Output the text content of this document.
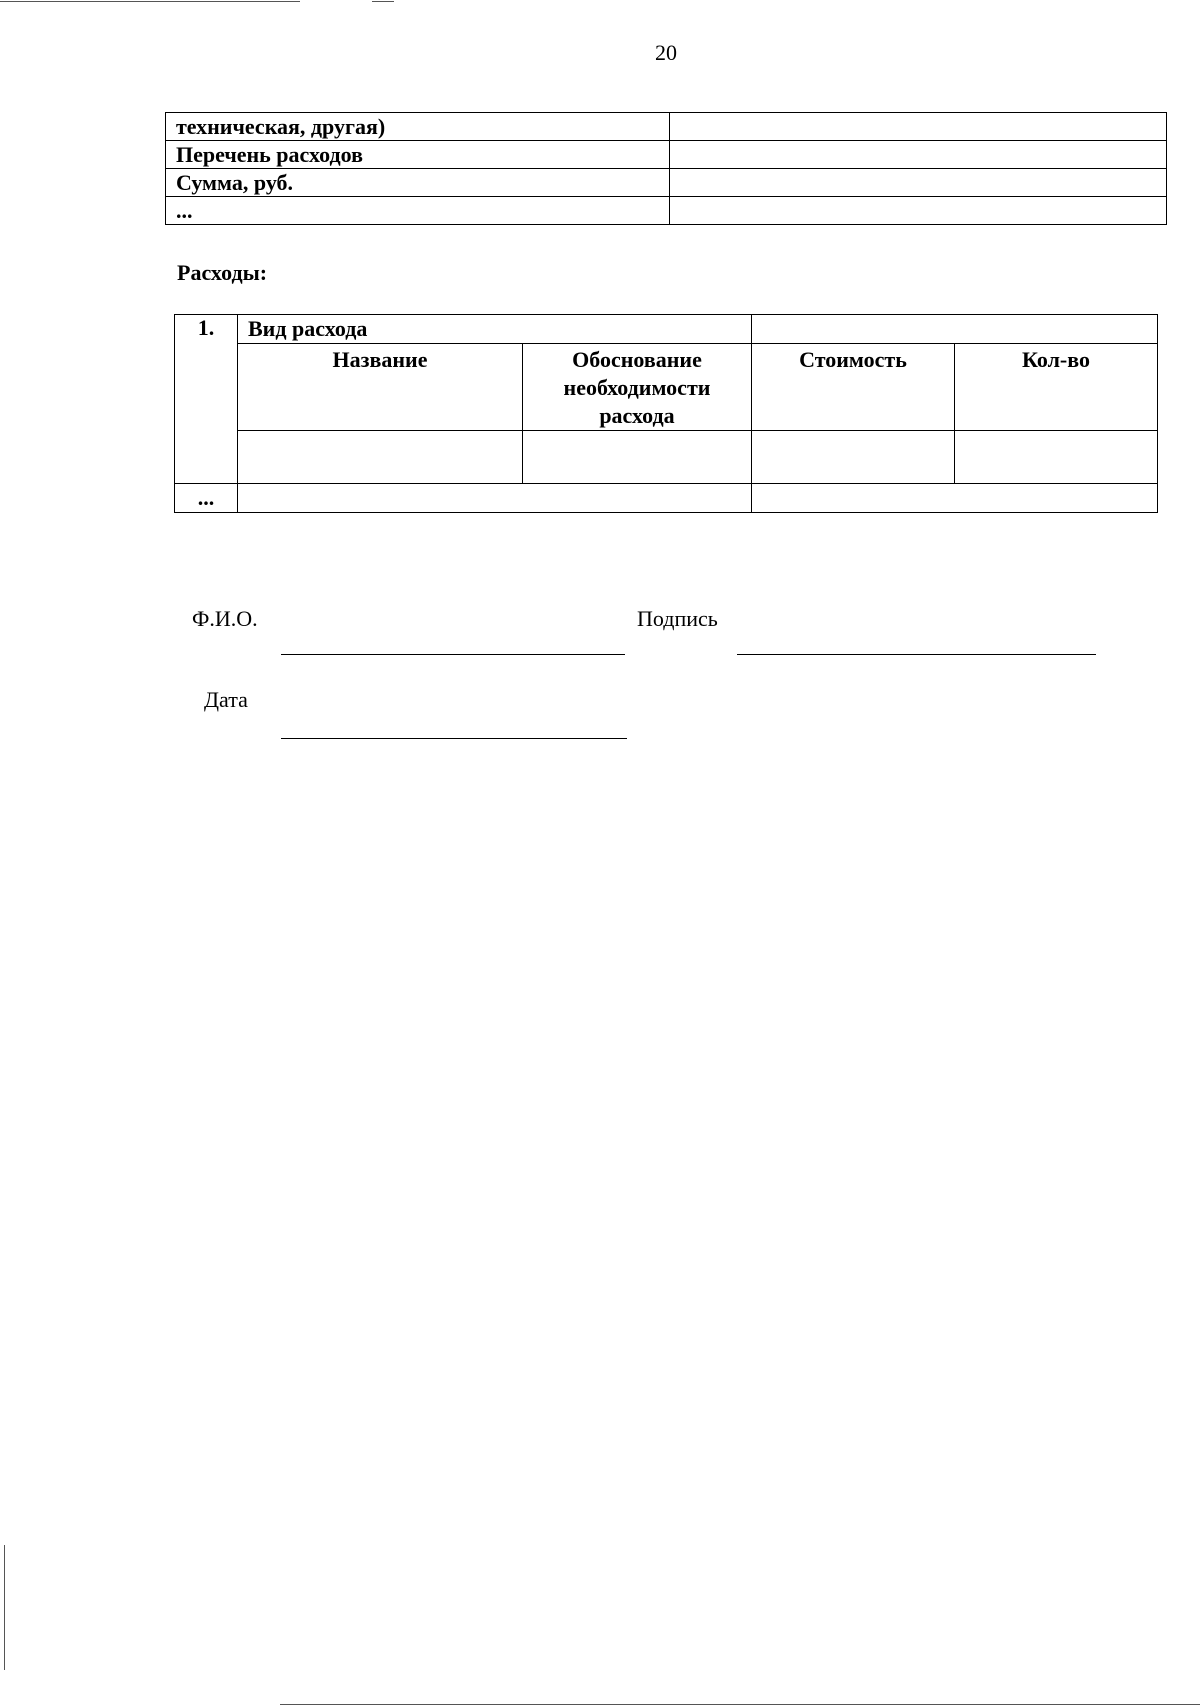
20
техническая, другая)	
Перечень расходов	
Сумма, руб.	
...	
Расходы:
1.	Вид расхода			
	Название	Обоснование необходимости расхода	Стоимость	Кол-во

...				
Ф.И.О.	Подпись
Дата
